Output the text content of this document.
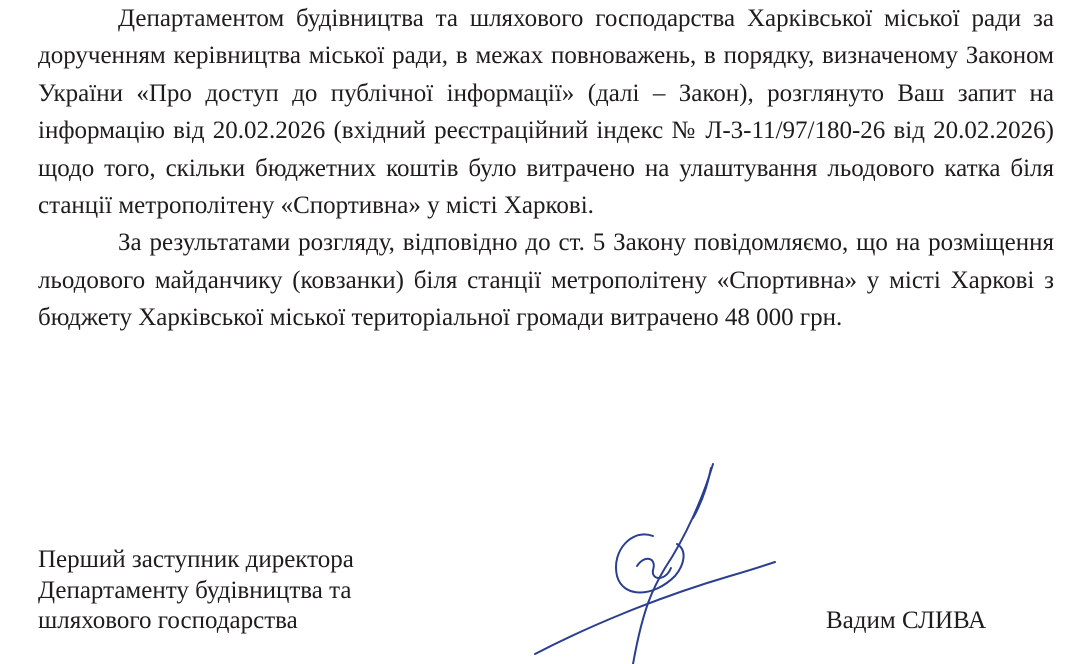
Департаментом будівництва та шляхового господарства Харківської міської ради за дорученням керівництва міської ради, в межах повноважень, в порядку, визначеному Законом України «Про доступ до публічної інформації» (далі – Закон), розглянуто Ваш запит на інформацію від 20.02.2026 (вхідний реєстраційний індекс № Л-3-11/97/180-26 від 20.02.2026) щодо того, скільки бюджетних коштів було витрачено на улаштування льодового катка біля станції метрополітену «Спортивна» у місті Харкові.

За результатами розгляду, відповідно до ст. 5 Закону повідомляємо, що на розміщення льодового майданчику (ковзанки) біля станції метрополітену «Спортивна» у місті Харкові з бюджету Харківської міської територіальної громади витрачено 48 000 грн.

Перший заступник директора
Департаменту будівництва та
шляхового господарства	Вадим СЛИВА
